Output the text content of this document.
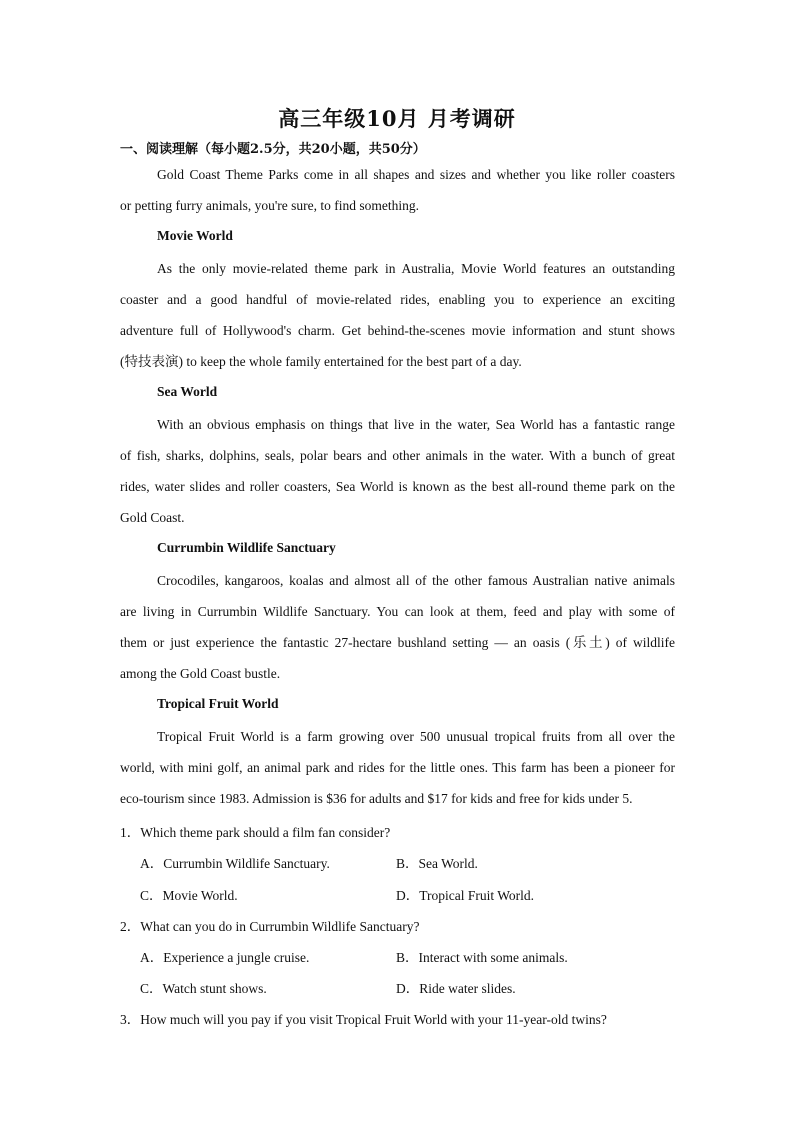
高三年级10月 月考调研
一、阅读理解（每小题2.5分，共20小题，共50分）
Gold Coast Theme Parks come in all shapes and sizes and whether you like roller coasters
or petting furry animals, you're sure, to find something.
Movie World
As the only movie-related theme park in Australia, Movie World features an outstanding
coaster and a good handful of movie-related rides, enabling you to experience an exciting
adventure full of Hollywood's charm. Get behind-the-scenes movie information and stunt shows
(特技表演) to keep the whole family entertained for the best part of a day.
Sea World
With an obvious emphasis on things that live in the water, Sea World has a fantastic range
of fish, sharks, dolphins, seals, polar bears and other animals in the water. With a bunch of great
rides, water slides and roller coasters, Sea World is known as the best all-round theme park on the
Gold Coast.
Currumbin Wildlife Sanctuary
Crocodiles, kangaroos, koalas and almost all of the other famous Australian native animals
are living in Currumbin Wildlife Sanctuary. You can look at them, feed and play with some of
them or just experience the fantastic 27-hectare bushland setting — an oasis (乐土) of wildlife
among the Gold Coast bustle.
Tropical Fruit World
Tropical Fruit World is a farm growing over 500 unusual tropical fruits from all over the
world, with mini golf, an animal park and rides for the little ones. This farm has been a pioneer for
eco-tourism since 1983. Admission is $36 for adults and $17 for kids and free for kids under 5.
1．Which theme park should a film fan consider?
A．Currumbin Wildlife Sanctuary.	B．Sea World.
C．Movie World.	D．Tropical Fruit World.
2．What can you do in Currumbin Wildlife Sanctuary?
A．Experience a jungle cruise.	B．Interact with some animals.
C．Watch stunt shows.	D．Ride water slides.
3．How much will you pay if you visit Tropical Fruit World with your 11-year-old twins?
